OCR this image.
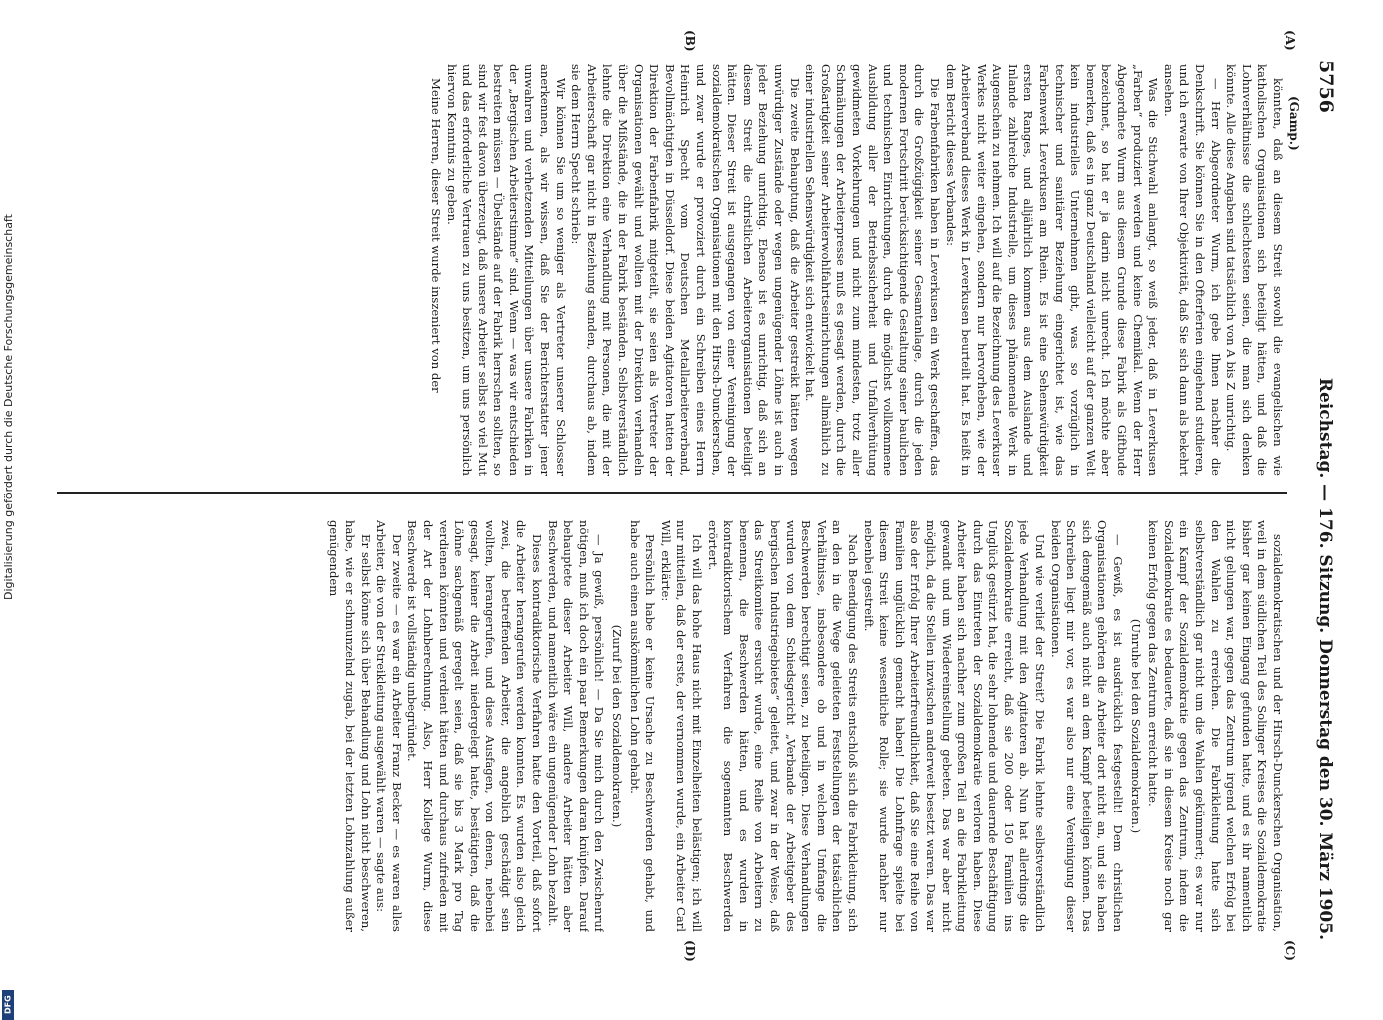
5756
Reichstag. — 176. Sitzung. Donnerstag den 30. März 1905.
(A)
(B)
(C)
(D)
(Gamp.)

könnten, daß an diesem Streit sowohl die evangelischen wie katholischen Organisationen sich beteiligt hätten, und daß die Lohnverhältnisse die schlechtesten seien, die man sich denken könnte. Alle diese Angaben sind tatsächlich von A bis Z unrichtig.

— Herr Abgeordneter Wurm, ich gebe Ihnen nachher die Denkschrift. Sie können Sie in den Ofterferien eingehend studieren, und ich erwarte von Ihrer Objektivität, daß Sie sich dann als bekehrt ansehen.

Was die Stichwahl anlangt, so weiß jeder, daß in Leverkusen „Farben“ produziert werden und keine Chemikal. Wenn der Herr Abgeordnete Wurm aus diesem Grunde diese Fabrik als Giftbude bezeichnet, so hat er ja darin nicht unrecht. Ich möchte aber bemerken, daß es in ganz Deutschland vielleicht auf der ganzen Welt kein industrielles Unternehmen gibt, was so vorzüglich in technischer und sanitärer Beziehung eingerichtet ist, wie das Farbenwerk Leverkusen am Rhein. Es ist eine Sehenswürdigkeit ersten Ranges, und alljährlich kommen aus dem Auslande und Inlande zahlreiche Industrielle, um dieses phänomenale Werk in Augenschein zu nehmen. Ich will auf die Bezeichnung des Leverkuser Werkes nicht weiter eingehen, sondern nur hervorheben, wie der Arbeiterverband dieses Werk in Leverkusen beurteilt hat. Es heißt in dem Bericht dieses Verbandes:

Die Farbenfabriken haben in Leverkusen ein Werk geschaffen, das durch die Großzügigkeit seiner Gesamtanlage, durch die jeden modernen Fortschritt berücksichtigende Gestaltung seiner baulichen und technischen Einrichtungen, durch die möglichst vollkommene Ausbildung aller der Betriebssicherheit und Unfallverhütung gewidmeten Vorkehrungen und nicht zum mindesten, trotz aller Schmähungen der Arbeiterpresse muß es gesagt werden, durch die Großartigkeit seiner Arbeiterwohlfahrtseinrichtungen allmählich zu einer industriellen Sehenswürdigkeit sich entwickelt hat.

Die zweite Behauptung, daß die Arbeiter gestreikt hätten wegen unwürdiger Zustände oder wegen ungenügender Löhne ist auch in jeder Beziehung unrichtig. Ebenso ist es unrichtig, daß sich an diesem Streit die christlichen Arbeiterorganisationen beteiligt hätten. Dieser Streit ist ausgegangen von einer Vereinigung der sozialdemokratischen Organisationen mit den Hirsch-Dunckerschen, und zwar wurde er provoziert durch ein Schreiben eines Herrn Heinrich Specht vom Deutschen Metallarbeiterverband, Bevollmächtigten in Düsseldorf. Diese beiden Agitatoren hatten der Direktion der Farbenfabrik mitgeteilt, sie seien als Vertreter der Organisationen gewählt und wollten mit der Direktion verhandeln über die Mißstände, die in der Fabrik beständen. Selbstverständlich lehnte die Direktion eine Verhandlung mit Personen, die mit der Arbeiterschaft gar nicht in Beziehung standen, durchaus ab, indem sie dem Herrn Specht schrieb:

Wir können Sie um so weniger als Vertreter unserer Schlosser anerkennen, als wir wissen, daß Sie der Berichterstatter jener unwahren und verhetzenden Mitteilungen über unsere Fabriken in der „Bergischen Arbeiterstimme“ sind. Wenn — was wir entschieden bestreiten müssen — Übelstände auf der Fabrik herrschen sollten, so sind wir fest davon überzeugt, daß unsere Arbeiter selbst so viel Mut und das erforderliche Vertrauen zu uns besitzen, um uns persönlich hiervon Kenntnis zu geben.

Meine Herren, dieser Streit wurde inszeniert von der

sozialdemokratischen und der Hirsch-Dunckerschen Organisation, weil in dem südlichen Teil des Solinger Kreises die Sozialdemokratie bisher gar keinen Eingang gefunden hatte, und es ihr namentlich nicht gelungen war, gegen das Zentrum irgend welchen Erfolg bei den Wahlen zu erreichen. Die Fabrikleitung hatte sich selbstverständlich gar nicht um die Wahlen gekümmert; es war nur ein Kampf der Sozialdemokratie gegen das Zentrum, indem die Sozialdemokratie es bedauerte, daß sie in diesem Kreise noch gar keinen Erfolg gegen das Zentrum erreicht hatte.

(Unruhe bei den Sozialdemokraten.)

— Gewiß, es ist ausdrücklich festgestellt! Dem christlichen Organisationen gehörten die Arbeiter dort nicht an, und sie haben sich demgemäß auch nicht an dem Kampf beteiligen können. Das Schreiben liegt mir vor, es war also nur eine Vereinigung dieser beiden Organisationen.

Und wie verlief der Streit? Die Fabrik lehnte selbstverständlich jede Verhandlung mit den Agitatoren ab. Nun hat allerdings die Sozialdemokratie erreicht, daß sie 200 oder 150 Familien ins Unglück gestürzt hat, die sehr lohnende und dauernde Beschäftigung durch das Eintreten der Sozialdemokratie verloren haben. Diese Arbeiter haben sich nachher zum großen Teil an die Fabrikleitung gewandt und um Wiedereinstellung gebeten. Das war aber nicht möglich, da die Stellen inzwischen anderweit besetzt waren. Das war also der Erfolg Ihrer Arbeiterfreundlichkeit, daß Sie eine Reihe von Familien unglücklich gemacht haben! Die Lohnfrage spielte bei diesem Streit keine wesentliche Rolle; sie wurde nachher nur nebenbei gestreift.

Nach Beendigung des Streits entschloß sich die Fabrikleitung, sich an den in die Wege geleiteten Feststellungen der tatsächlichen Verhältnisse, insbesondere ob und in welchem Umfange die Beschwerden berechtigt seien, zu beteiligen. Diese Verhandlungen wurden von dem Schiedsgericht „Verbande der Arbeitgeber des bergischen Industriegebietes“ geleitet, und zwar in der Weise, daß das Streitkomitee ersucht wurde, eine Reihe von Arbeitern zu benennen, die Beschwerden hätten, und es wurden in kontradiktorischem Verfahren die sogenannten Beschwerden erörtert.

Ich will das hohe Haus nicht mit Einzelheiten belästigen; ich will nur mitteilen, daß der erste, der vernommen wurde, ein Arbeiter Carl Will, erklärte:

Persönlich habe er keine Ursache zu Beschwerden gehabt, und habe auch einen auskömmlichen Lohn gehabt.

(Zuruf bei den Sozialdemokraten.)

— Ja gewiß, persönlich! — Da Sie mich durch den Zwischenruf nötigen, muß ich doch ein paar Bemerkungen daran knüpfen. Darauf behauptete dieser Arbeiter Will, andere Arbeiter hätten aber Beschwerden, und namentlich wäre ein ungenügender Lohn bezahlt.

Dieses kontradiktorische Verfahren hatte den Vorteil, daß sofort die Arbeiter herangerufen werden konnten. Es wurden also gleich zwei, die betreffenden Arbeiter, die angeblich geschädigt sein wollten, herangerufen, und diese Ausfagen, von denen, nebenbei gesagt, keiner die Arbeit niedergelegt hatte, bestätigten, daß die Löhne sachgemäß geregelt seien, daß sie bis 3 Mark pro Tag verdienen könnten und verdient hätten und durchaus zufrieden mit der Art der Lohnberechnung. Also, Herr Kollege Wurm, diese Beschwerde ist vollständig unbegründet.

Der zweite — es war ein Arbeiter Franz Becker — es waren alles Arbeiter, die von der Streikleitung ausgewählt waren — sagte aus:

Er selbst könne sich über Behandlung und Lohn nicht beschweren, habe, wie er schmunzelnd zugab, bei der letzten Lohnzahlung außer genügendem

Digitalisierung gefördert durch die Deutsche Forschungsgemeinschaft
DFG
